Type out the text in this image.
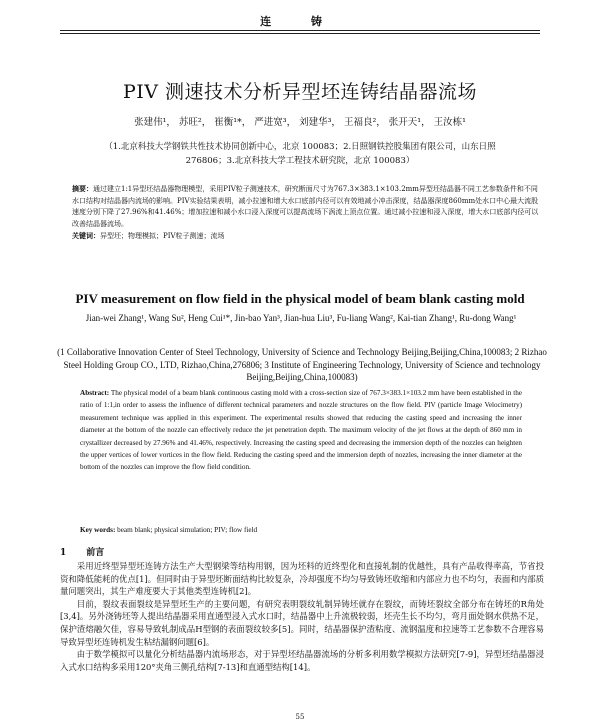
连 铸
PIV 测速技术分析异型坯连铸结晶器流场
张建伟¹， 苏旺²， 崔衡¹*， 严进宽³， 刘建华³， 王福良²， 张开天¹， 王汝栋¹
（1.北京科技大学钢铁共性技术协同创新中心，北京 100083；2.日照钢铁控股集团有限公司，山东日照
276806；3.北京科技大学工程技术研究院，北京 100083）
摘要：通过建立1:1异型坯结晶器物理模型，采用PIV粒子测速技术，研究断面尺寸为767.3×383.1×103.2mm异型坯结晶器不同工艺参数条件和不同水口结构对结晶器内流场的影响。PIV实验结果表明，减小拉速和增大水口底部内径可以有效地减小冲击深度，结晶器深度860mm处水口中心最大流股速度分别下降了27.96%和41.46%；增加拉速和减小水口浸入深度可以提高流场下涡流上顶点位置。通过减小拉速和浸入深度，增大水口底部内径可以改善结晶器流场。
关键词：异型坯；物理模拟；PIV粒子测速；流场
PIV measurement on flow field in the physical model of beam blank casting mold
Jian-wei Zhang¹, Wang Su², Heng Cui¹*, Jin-bao Yan³, Jian-hua Liu³, Fu-liang Wang², Kai-tian Zhang¹, Ru-dong Wang¹
(1 Collaborative Innovation Center of Steel Technology, University of Science and Technology Beijing,Beijing,China,100083; 2 Rizhao Steel Holding Group CO., LTD, Rizhao,China,276806; 3 Institute of Engineering Technology, University of Science and technology Beijing,Beijing,China,100083)
Abstract: The physical model of a beam blank continuous casting mold with a cross-section size of 767.3×383.1×103.2 mm have been established in the ratio of 1:1,in order to assess the influence of different technical parameters and nozzle structures on the flow field. PIV (particle Image Velocimetry) measurement technique was applied in this experiment. The experimental results showed that reducing the casting speed and increasing the inner diameter at the bottom of the nozzle can effectively reduce the jet penetration depth. The maximum velocity of the jet flows at the depth of 860 mm in crystallizer decreased by 27.96% and 41.46%, respectively. Increasing the casting speed and decreasing the immersion depth of the nozzles can heighten the upper vertices of lower vortices in the flow field. Reducing the casting speed and the immersion depth of nozzles, increasing the inner diameter at the bottom of the nozzles can improve the flow field condition.
Key words: beam blank; physical simulation; PIV; flow field
1 前言

采用近终型异型坯连铸方法生产大型钢梁等结构用钢，因为坯料的近终型化和直接轧制的优越性，具有产品收得率高，节省投资和降低能耗的优点[1]。但同时由于异型坯断面结构比较复杂，冷却强度不均匀导致铸坯收缩和内部应力也不均匀，表面和内部质量问题突出，其生产难度要大于其他类型连铸机[2]。

目前，裂纹表面裂纹是异型坯生产的主要问题，有研究表明裂纹轧制异铸坯就存在裂纹，而铸坯裂纹全部分布在铸坯的R角处[3,4]。另外浇铸坯等人提出结晶器采用直通型浸入式水口时，结晶器中上升流极较弱，坯壳生长不均匀，弯月面处钢水供热不足，保护渣熔融欠佳，容易导致轧制成品H型钢的表面裂纹较多[5]。同时，结晶器保护渣粘度、流钢温度和拉速等工艺参数不合理容易导致异型坯连铸机发生粘结漏钢问题[6]。

由于数学模拟可以量化分析结晶器内流场形态，对于异型坯结晶器流场的分析多利用数学模拟方法研究[7-9]，异型坯结晶器浸入式水口结构多采用120°夹角三侧孔结构[7-13]和直通型结构[14]。

55
